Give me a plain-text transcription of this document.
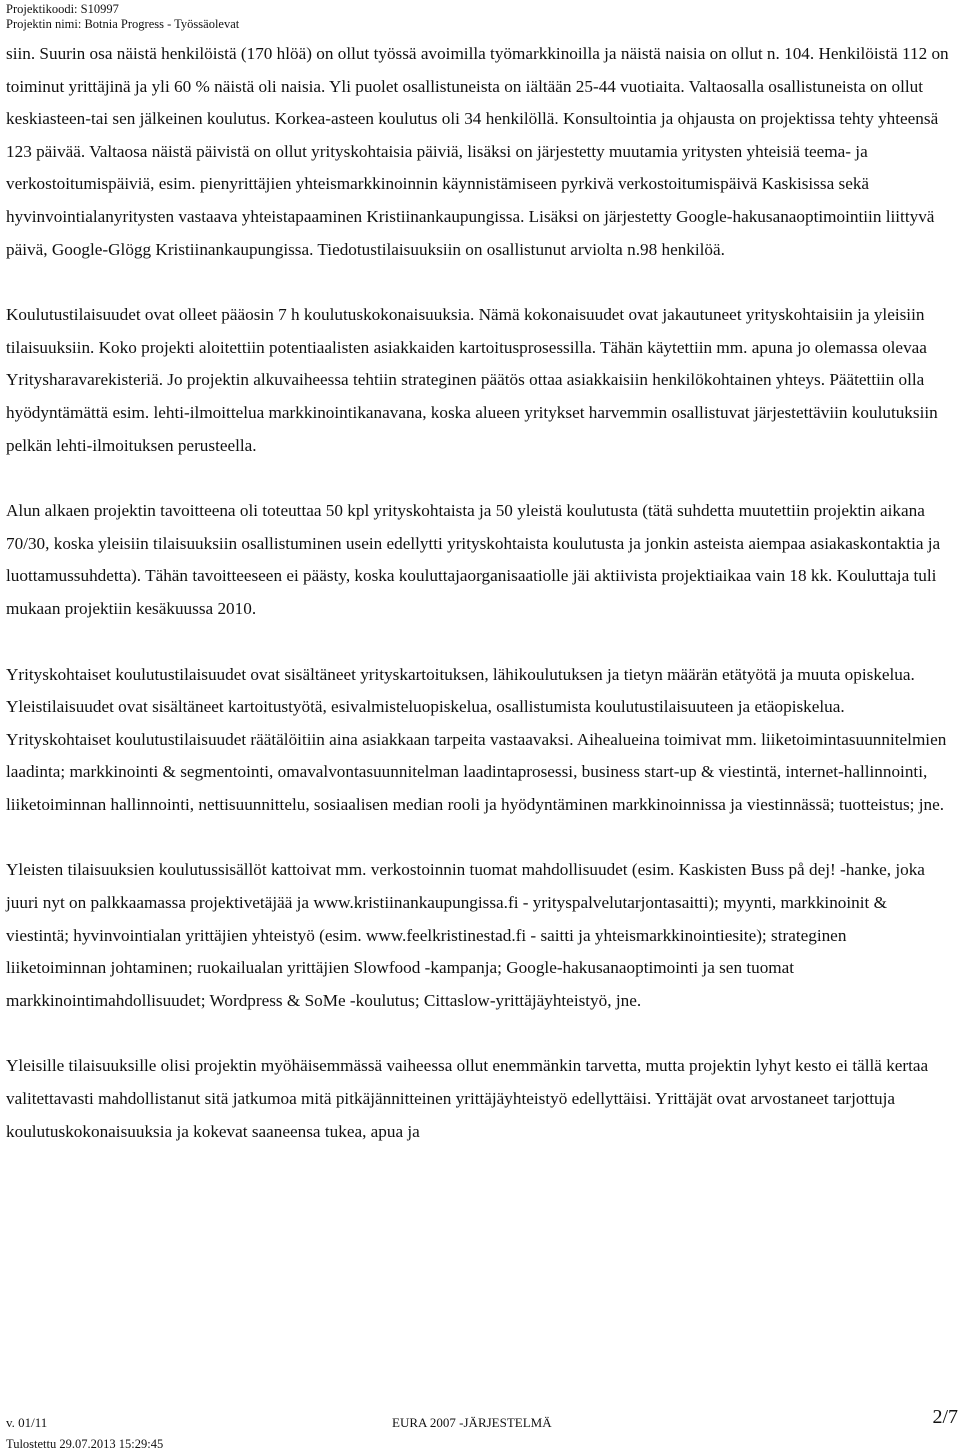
Projektikoodi: S10997
Projektin nimi: Botnia Progress - Työssäolevat

siin. Suurin osa näistä henkilöistä (170 hlöä) on ollut työssä avoimilla työmarkkinoilla ja näistä naisia on ollut n. 104. Henkilöistä 112 on toiminut yrittäjinä ja yli 60 % näistä oli naisia. Yli puolet osallistuneista on iältään 25-44 vuotiaita. Valtaosalla osallistuneista on ollut keskiasteen-tai sen jälkeinen koulutus. Korkea-asteen koulutus oli 34 henkilöllä. Konsultointia ja ohjausta on projektissa tehty yhteensä 123 päivää. Valtaosa näistä päivistä on ollut yrityskohtaisia päiviä, lisäksi on järjestetty muutamia yritysten yhteisiä teema- ja verkostoitumispäiviä, esim. pienyrittäjien yhteismarkkinoinnin käynnistämiseen pyrkivä verkostoitumispäivä Kaskisissa sekä hyvinvointialanyritysten vastaava yhteistapaaminen Kristiinankaupungissa. Lisäksi on järjestetty Google-hakusanaoptimointiin liittyvä päivä, Google-Glögg Kristiinankaupungissa. Tiedotustilaisuuksiin on osallistunut arviolta n.98 henkilöä.

Koulutustilaisuudet ovat olleet pääosin 7 h koulutuskokonaisuuksia. Nämä kokonaisuudet ovat jakautuneet yrityskohtaisiin ja yleisiin tilaisuuksiin. Koko projekti aloitettiin potentiaalisten asiakkaiden kartoitusprosessilla. Tähän käytettiin mm. apuna jo olemassa olevaa Yritysharavarekisteriä. Jo projektin alkuvaiheessa tehtiin strateginen päätös ottaa asiakkaisiin henkilökohtainen yhteys. Päätettiin olla hyödyntämättä esim. lehti-ilmoittelua markkinointikanavana, koska alueen yritykset harvemmin osallistuvat järjestettäviin koulutuksiin pelkän lehti-ilmoituksen perusteella.

Alun alkaen projektin tavoitteena oli toteuttaa 50 kpl yrityskohtaista ja 50 yleistä koulutusta (tätä suhdetta muutettiin projektin aikana 70/30, koska yleisiin tilaisuuksiin osallistuminen usein edellytti yrityskohtaista koulutusta ja jonkin asteista aiempaa asiakaskontaktia ja luottamussuhdetta). Tähän tavoitteeseen ei päästy, koska kouluttajaorganisaatiolle jäi aktiivista projektiaikaa vain 18 kk. Kouluttaja tuli mukaan projektiin kesäkuussa 2010.

Yrityskohtaiset koulutustilaisuudet ovat sisältäneet yrityskartoituksen, lähikoulutuksen ja tietyn määrän etätyötä ja muuta opiskelua. Yleistilaisuudet ovat sisältäneet kartoitustyötä, esivalmisteluopiskelua, osallistumista koulutustilaisuuteen ja etäopiskelua. Yrityskohtaiset koulutustilaisuudet räätälöitiin aina asiakkaan tarpeita vastaavaksi. Aihealueina toimivat mm. liiketoimintasuunnitelmien laadinta; markkinointi & segmentointi, omavalvontasuunnitelman laadintaprosessi, business start-up & viestintä, internet-hallinnointi, liiketoiminnan hallinnointi, nettisuunnittelu, sosiaalisen median rooli ja hyödyntäminen markkinoinnissa ja viestinnässä; tuotteistus; jne.

Yleisten tilaisuuksien koulutussisällöt kattoivat mm. verkostoinnin tuomat mahdollisuudet (esim. Kaskisten Buss på dej! -hanke, joka juuri nyt on palkkaamassa projektivetäjää ja www.kristiinankaupungissa.fi - yrityspalvelutarjontasaitti); myynti, markkinoinit & viestintä; hyvinvointialan yrittäjien yhteistyö (esim. www.feelkristinestad.fi - saitti ja yhteismarkkinointiesite); strateginen liiketoiminnan johtaminen; ruokailualan yrittäjien Slowfood -kampanja; Google-hakusanaoptimointi ja sen tuomat markkinointimahdollisuudet; Wordpress & SoMe -koulutus; Cittaslow-yrittäjäyhteistyö, jne.

Yleisille tilaisuuksille olisi projektin myöhäisemmässä vaiheessa ollut enemmänkin tarvetta, mutta projektin lyhyt kesto ei tällä kertaa valitettavasti mahdollistanut sitä jatkumoa mitä pitkäjännitteinen yrittäjäyhteistyö edellyttäisi. Yrittäjät ovat arvostaneet tarjottuja koulutuskokonaisuuksia ja kokevat saaneensa tukea, apua ja

v. 01/11	EURA 2007 -JÄRJESTELMÄ	2/7
Tulostettu 29.07.2013 15:29:45
